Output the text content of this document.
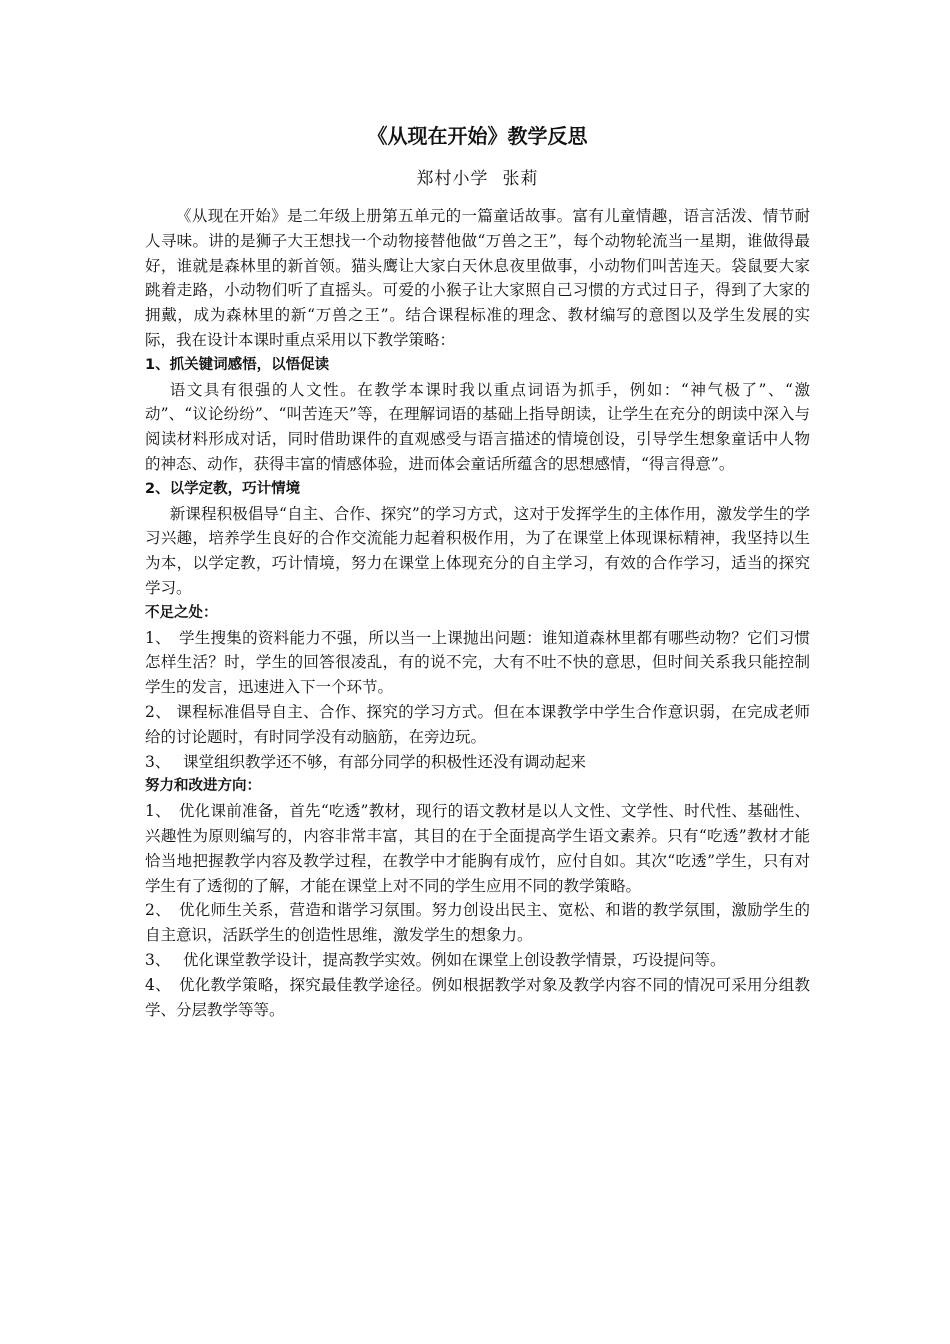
《从现在开始》教学反思
郑村小学 张莉

《从现在开始》是二年级上册第五单元的一篇童话故事。富有儿童情趣，语言活泼、情节耐人寻味。讲的是狮子大王想找一个动物接替他做“万兽之王”，每个动物轮流当一星期，谁做得最好，谁就是森林里的新首领。猫头鹰让大家白天休息夜里做事，小动物们叫苦连天。袋鼠要大家跳着走路，小动物们听了直摇头。可爱的小猴子让大家照自己习惯的方式过日子，得到了大家的拥戴，成为森林里的新“万兽之王”。结合课程标准的理念、教材编写的意图以及学生发展的实际，我在设计本课时重点采用以下教学策略：

1、抓关键词感悟，以悟促读

语文具有很强的人文性。在教学本课时我以重点词语为抓手，例如：“神气极了”、“激动”、“议论纷纷”、“叫苦连天”等，在理解词语的基础上指导朗读，让学生在充分的朗读中深入与阅读材料形成对话，同时借助课件的直观感受与语言描述的情境创设，引导学生想象童话中人物的神态、动作，获得丰富的情感体验，进而体会童话所蕴含的思想感情，“得言得意”。

2、以学定教，巧计情境

新课程积极倡导“自主、合作、探究”的学习方式，这对于发挥学生的主体作用，激发学生的学习兴趣，培养学生良好的合作交流能力起着积极作用，为了在课堂上体现课标精神，我坚持以生为本，以学定教，巧计情境，努力在课堂上体现充分的自主学习，有效的合作学习，适当的探究学习。

不足之处：

1、　学生搜集的资料能力不强，所以当一上课抛出问题：谁知道森林里都有哪些动物？它们习惯怎样生活？时，学生的回答很凌乱，有的说不完，大有不吐不快的意思，但时间关系我只能控制学生的发言，迅速进入下一个环节。

2、 课程标准倡导自主、合作、探究的学习方式。但在本课教学中学生合作意识弱，在完成老师给的讨论题时，有时同学没有动脑筋，在旁边玩。

3、　 课堂组织教学还不够，有部分同学的积极性还没有调动起来

努力和改进方向：

1、　优化课前准备，首先“吃透”教材，现行的语文教材是以人文性、文学性、时代性、基础性、兴趣性为原则编写的，内容非常丰富，其目的在于全面提高学生语文素养。只有“吃透”教材才能恰当地把握教学内容及教学过程，在教学中才能胸有成竹，应付自如。其次“吃透”学生，只有对学生有了透彻的了解，才能在课堂上对不同的学生应用不同的教学策略。

2、　优化师生关系，营造和谐学习氛围。努力创设出民主、宽松、和谐的教学氛围，激励学生的自主意识，活跃学生的创造性思维，激发学生的想象力。

3、　 优化课堂教学设计，提高教学实效。例如在课堂上创设教学情景，巧设提问等。

4、　优化教学策略，探究最佳教学途径。例如根据教学对象及教学内容不同的情况可采用分组教学、分层教学等等。
